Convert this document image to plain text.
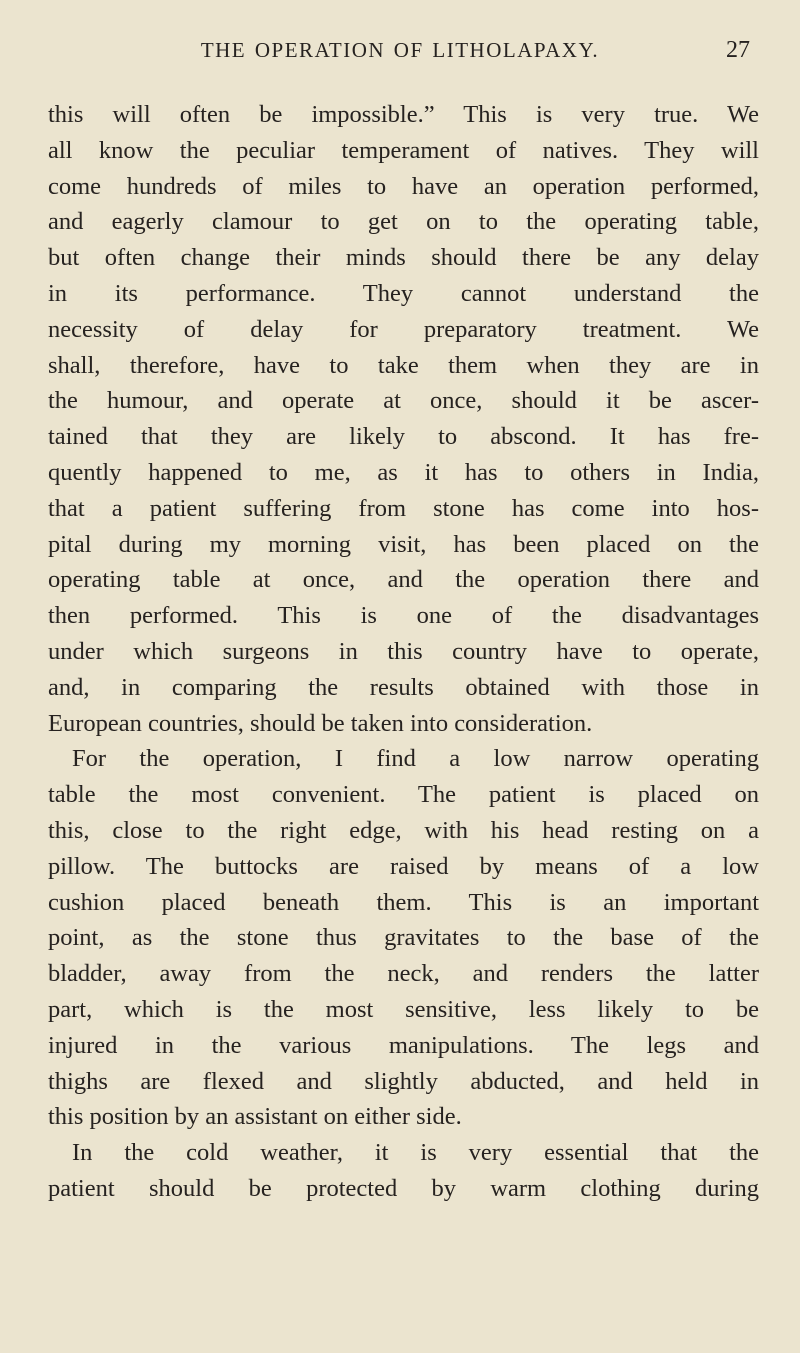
THE OPERATION OF LITHOLAPAXY.	27
this will often be impossible.” This is very true. We
all know the peculiar temperament of natives. They will
come hundreds of miles to have an operation performed,
and eagerly clamour to get on to the operating table,
but often change their minds should there be any delay
in its performance. They cannot understand the
necessity of delay for preparatory treatment. We
shall, therefore, have to take them when they are in
the humour, and operate at once, should it be ascer-
tained that they are likely to abscond. It has fre-
quently happened to me, as it has to others in India,
that a patient suffering from stone has come into hos-
pital during my morning visit, has been placed on the
operating table at once, and the operation there and
then performed. This is one of the disadvantages
under which surgeons in this country have to operate,
and, in comparing the results obtained with those in
European countries, should be taken into consideration.
For the operation, I find a low narrow operating
table the most convenient. The patient is placed on
this, close to the right edge, with his head resting on a
pillow. The buttocks are raised by means of a low
cushion placed beneath them. This is an important
point, as the stone thus gravitates to the base of the
bladder, away from the neck, and renders the latter
part, which is the most sensitive, less likely to be
injured in the various manipulations. The legs and
thighs are flexed and slightly abducted, and held in
this position by an assistant on either side.
In the cold weather, it is very essential that the
patient should be protected by warm clothing during
